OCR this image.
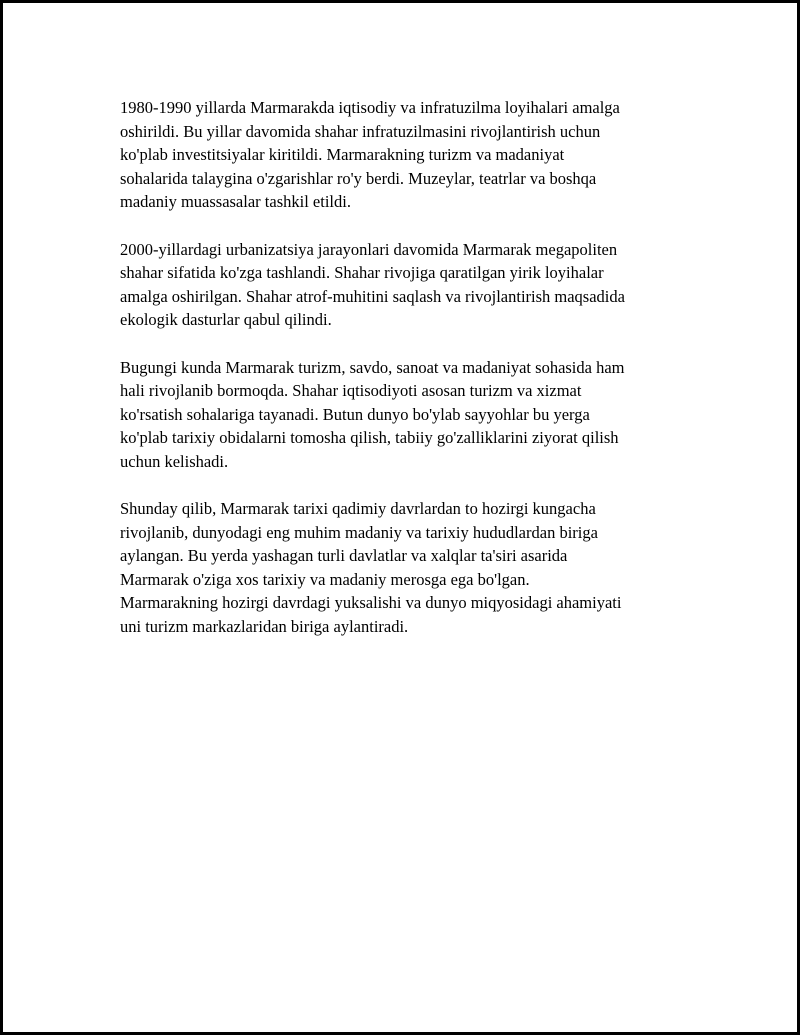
1980-1990 yillarda Marmarakda iqtisodiy va infratuzilma loyihalari amalga
oshirildi. Bu yillar davomida shahar infratuzilmasini rivojlantirish uchun
ko'plab investitsiyalar kiritildi. Marmarakning turizm va madaniyat
sohalarida talaygina o'zgarishlar ro'y berdi. Muzeylar, teatrlar va boshqa
madaniy muassasalar tashkil etildi.

2000-yillardagi urbanizatsiya jarayonlari davomida Marmarak megapoliten
shahar sifatida ko'zga tashlandi. Shahar rivojiga qaratilgan yirik loyihalar
amalga oshirilgan. Shahar atrof-muhitini saqlash va rivojlantirish maqsadida
ekologik dasturlar qabul qilindi.

Bugungi kunda Marmarak turizm, savdo, sanoat va madaniyat sohasida ham
hali rivojlanib bormoqda. Shahar iqtisodiyoti asosan turizm va xizmat
ko'rsatish sohalariga tayanadi. Butun dunyo bo'ylab sayyohlar bu yerga
ko'plab tarixiy obidalarni tomosha qilish, tabiiy go'zalliklarini ziyorat qilish
uchun kelishadi.

Shunday qilib, Marmarak tarixi qadimiy davrlardan to hozirgi kungacha
rivojlanib, dunyodagi eng muhim madaniy va tarixiy hududlardan biriga
aylangan. Bu yerda yashagan turli davlatlar va xalqlar ta'siri asarida
Marmarak o'ziga xos tarixiy va madaniy merosga ega bo'lgan.
Marmarakning hozirgi davrdagi yuksalishi va dunyo miqyosidagi ahamiyati
uni turizm markazlaridan biriga aylantiradi.
